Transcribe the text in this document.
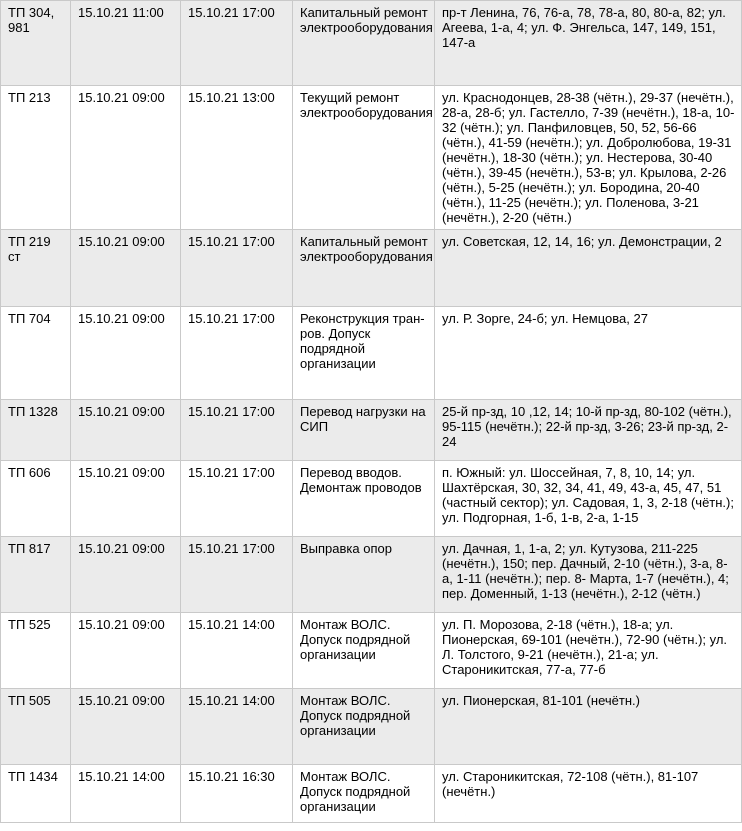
ТП 304, 981	15.10.21 11:00	15.10.21 17:00	Капитальный ремонт электрооборудования	пр-т Ленина, 76, 76-а, 78, 78-а, 80, 80-а, 82; ул. Агеева, 1-а, 4; ул. Ф. Энгельса, 147, 149, 151, 147-а
ТП 213	15.10.21 09:00	15.10.21 13:00	Текущий ремонт электрооборудования	ул. Краснодонцев, 28-38 (чётн.), 29-37 (нечётн.), 28-а, 28-б; ул. Гастелло, 7-39 (нечётн.), 18-а, 10-32 (чётн.); ул. Панфиловцев, 50, 52, 56-66 (чётн.), 41-59 (нечётн.); ул. Добролюбова, 19-31 (нечётн.), 18-30 (чётн.); ул. Нестерова, 30-40 (чётн.), 39-45 (нечётн.), 53-в; ул. Крылова, 2-26 (чётн.), 5-25 (нечётн.); ул. Бородина, 20-40 (чётн.), 11-25 (нечётн.); ул. Поленова, 3-21 (нечётн.), 2-20 (чётн.)
ТП 219 ст	15.10.21 09:00	15.10.21 17:00	Капитальный ремонт электрооборудования	ул. Советская, 12, 14, 16; ул. Демонстрации, 2
ТП 704	15.10.21 09:00	15.10.21 17:00	Реконструкция тран-ров. Допуск подрядной организации	ул. Р. Зорге, 24-б; ул. Немцова, 27
ТП 1328	15.10.21 09:00	15.10.21 17:00	Перевод нагрузки на СИП	25-й пр-зд, 10 ,12, 14; 10-й пр-зд, 80-102 (чётн.), 95-115 (нечётн.); 22-й пр-зд, 3-26; 23-й пр-зд, 2-24
ТП 606	15.10.21 09:00	15.10.21 17:00	Перевод вводов. Демонтаж проводов	п. Южный: ул. Шоссейная, 7, 8, 10, 14; ул. Шахтёрская, 30, 32, 34, 41, 49, 43-а, 45, 47, 51 (частный сектор); ул. Садовая, 1, 3, 2-18 (чётн.); ул. Подгорная, 1-б, 1-в, 2-а, 1-15
ТП 817	15.10.21 09:00	15.10.21 17:00	Выправка опор	ул. Дачная, 1, 1-а, 2; ул. Кутузова, 211-225 (нечётн.), 150; пер. Дачный, 2-10 (чётн.), 3-а, 8-а, 1-11 (нечётн.); пер. 8- Марта, 1-7 (нечётн.), 4; пер. Доменный, 1-13 (нечётн.), 2-12 (чётн.)
ТП 525	15.10.21 09:00	15.10.21 14:00	Монтаж ВОЛС. Допуск подрядной организации	ул. П. Морозова, 2-18 (чётн.), 18-а; ул. Пионерская, 69-101 (нечётн.), 72-90 (чётн.); ул. Л. Толстого, 9-21 (нечётн.), 21-а; ул. Староникитская, 77-а, 77-б
ТП 505	15.10.21 09:00	15.10.21 14:00	Монтаж ВОЛС. Допуск подрядной организации	ул. Пионерская, 81-101 (нечётн.)
ТП 1434	15.10.21 14:00	15.10.21 16:30	Монтаж ВОЛС. Допуск подрядной организации	ул. Староникитская, 72-108 (чётн.), 81-107 (нечётн.)
